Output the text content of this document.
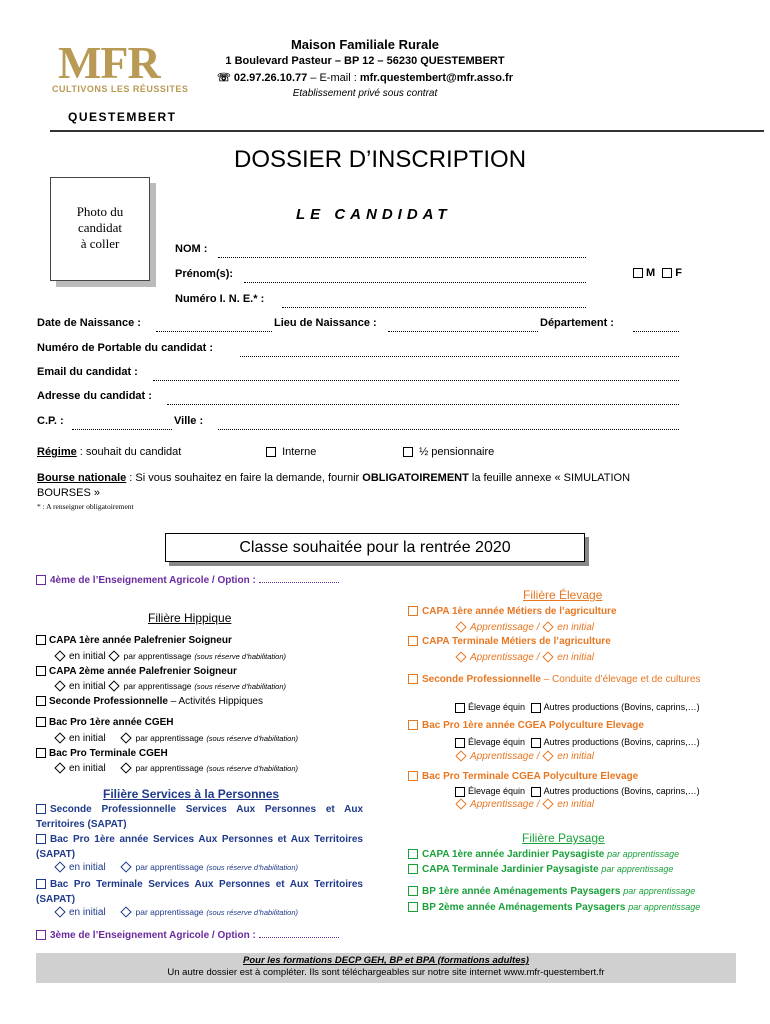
MFR
CULTIVONS LES RÉUSSITES
QUESTEMBERT
Maison Familiale Rurale
1 Boulevard Pasteur – BP 12 – 56230 QUESTEMBERT
☏ 02.97.26.10.77 – E-mail : mfr.questembert@mfr.asso.fr
Etablissement privé sous contrat
DOSSIER D’INSCRIPTION
Photo du
candidat
à coller
LE CANDIDAT
NOM :
Prénom(s):	M F
Numéro I. N. E.* :
Date de Naissance :	Lieu de Naissance :	Département :
Numéro de Portable du candidat :
Email du candidat :
Adresse du candidat :
C.P. :	Ville :
Régime : souhait du candidat	Interne	½ pensionnaire
Bourse nationale : Si vous souhaitez en faire la demande, fournir OBLIGATOIREMENT la feuille annexe « SIMULATION
BOURSES »
* : A renseigner obligatoirement
Classe souhaitée pour la rentrée 2020
4ème de l’Enseignement Agricole / Option :
Filière Hippique
CAPA 1ère année Palefrenier Soigneur
en initial par apprentissage (sous réserve d’habilitation)
CAPA 2ème année Palefrenier Soigneur
en initial par apprentissage (sous réserve d’habilitation)
Seconde Professionnelle – Activités Hippiques
Bac Pro 1ère année CGEH
en initial	par apprentissage (sous réserve d’habilitation)
Bac Pro Terminale CGEH
en initial	par apprentissage (sous réserve d’habilitation)
Filière Services à la Personnes
Seconde Professionnelle Services Aux Personnes et Aux Territoires (SAPAT)
Bac Pro 1ère année Services Aux Personnes et Aux Territoires (SAPAT)
en initial	par apprentissage (sous réserve d’habilitation)
Bac Pro Terminale Services Aux Personnes et Aux Territoires (SAPAT)
en initial	par apprentissage (sous réserve d’habilitation)
3ème de l’Enseignement Agricole / Option :
Filière Élevage
CAPA 1ère année Métiers de l’agriculture
Apprentissage / en initial
CAPA Terminale Métiers de l’agriculture
Apprentissage / en initial
Seconde Professionnelle – Conduite d’élevage et de cultures
Élevage équin Autres productions (Bovins, caprins,…)
Bac Pro 1ère année CGEA Polyculture Elevage
Élevage équin Autres productions (Bovins, caprins,…)
Apprentissage / en initial
Bac Pro Terminale CGEA Polyculture Elevage
Élevage équin Autres productions (Bovins, caprins,…)
Apprentissage / en initial
Filière Paysage
CAPA 1ère année Jardinier Paysagiste par apprentissage
CAPA Terminale Jardinier Paysagiste par apprentissage
BP 1ère année Aménagements Paysagers par apprentissage
BP 2ème année Aménagements Paysagers par apprentissage
Pour les formations DECP GEH, BP et BPA (formations adultes)
Un autre dossier est à compléter. Ils sont téléchargeables sur notre site internet www.mfr-questembert.fr
